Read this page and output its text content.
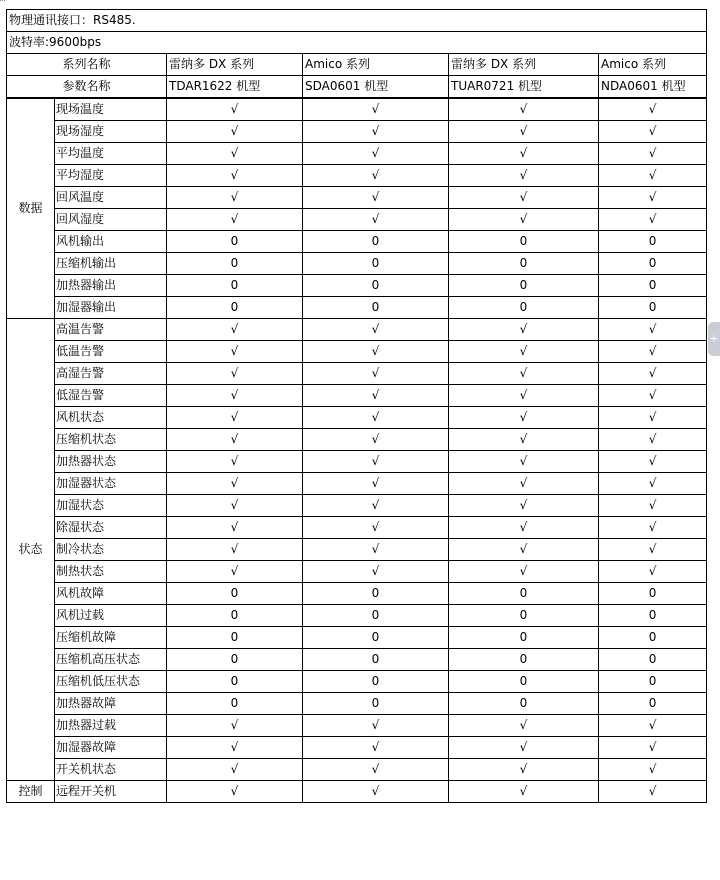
物理通讯接口：RS485.					
波特率:9600bps					
系列名称		雷纳多 DX 系列	Amico 系列	雷纳多 DX 系列	Amico 系列
参数名称		TDAR1622 机型	SDA0601 机型	TUAR0721 机型	NDA0601 机型
数据	现场温度	√	√	√	√
	现场湿度	√	√	√	√
	平均温度	√	√	√	√
	平均湿度	√	√	√	√
	回风温度	√	√	√	√
	回风湿度	√	√	√	√
	风机输出	0	0	0	0
	压缩机输出	0	0	0	0
	加热器输出	0	0	0	0
	加湿器输出	0	0	0	0
状态	高温告警	√	√	√	√
	低温告警	√	√	√	√
	高湿告警	√	√	√	√
	低湿告警	√	√	√	√
	风机状态	√	√	√	√
	压缩机状态	√	√	√	√
	加热器状态	√	√	√	√
	加湿器状态	√	√	√	√
	加湿状态	√	√	√	√
	除湿状态	√	√	√	√
	制冷状态	√	√	√	√
	制热状态	√	√	√	√
	风机故障	0	0	0	0
	风机过载	0	0	0	0
	压缩机故障	0	0	0	0
	压缩机高压状态	0	0	0	0
	压缩机低压状态	0	0	0	0
	加热器故障	0	0	0	0
	加热器过载	√	√	√	√
	加湿器故障	√	√	√	√
	开关机状态	√	√	√	√
控制	远程开关机	√	√	√	√
+
